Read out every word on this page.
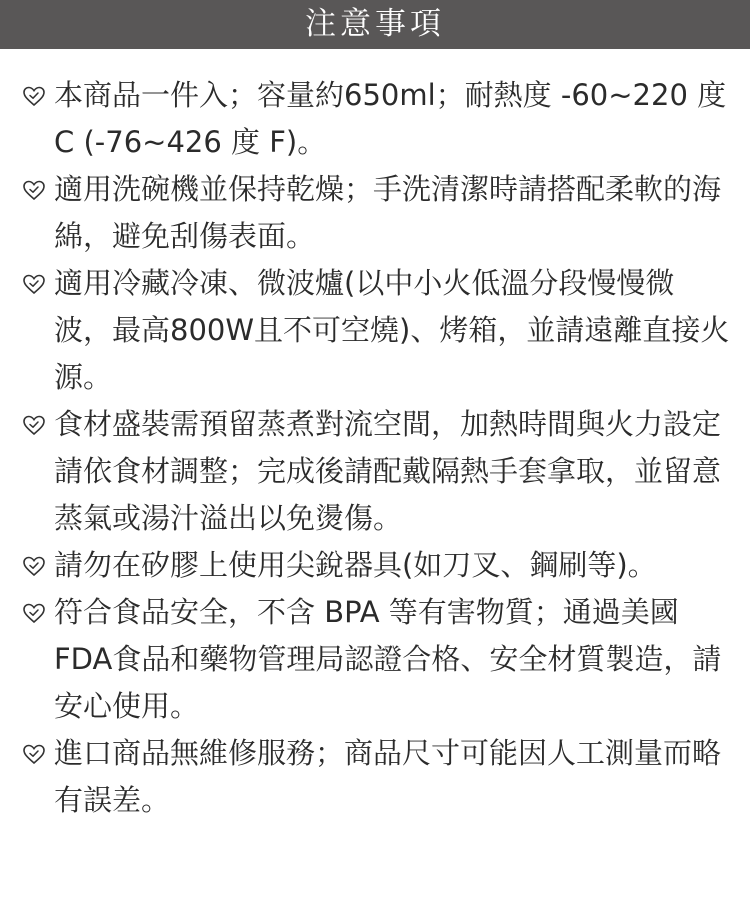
注意事項
本商品一件入；容量約650ml；耐熱度 -60~220 度C (-76~426 度 F)。
適用洗碗機並保持乾燥；手洗清潔時請搭配柔軟的海綿，避免刮傷表面。
適用冷藏冷凍、微波爐(以中小火低溫分段慢慢微波，最高800W且不可空燒)、烤箱，並請遠離直接火源。
食材盛裝需預留蒸煮對流空間，加熱時間與火力設定請依食材調整；完成後請配戴隔熱手套拿取，並留意蒸氣或湯汁溢出以免燙傷。
請勿在矽膠上使用尖銳器具(如刀叉、鋼刷等)。
符合食品安全，不含 BPA 等有害物質；通過美國FDA食品和藥物管理局認證合格、安全材質製造，請安心使用。
進口商品無維修服務；商品尺寸可能因人工測量而略有誤差。
